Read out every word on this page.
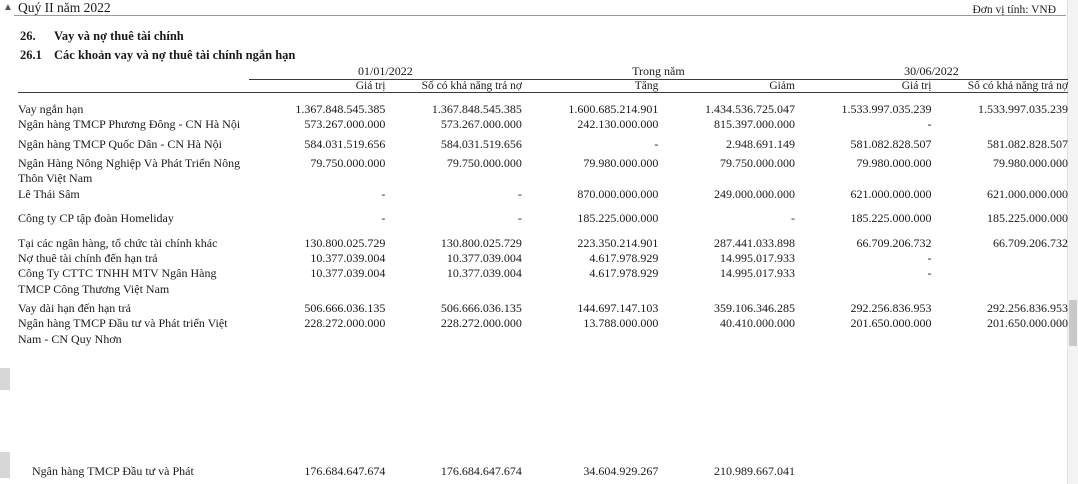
▲ Quý II năm 2022	Đơn vị tính: VNĐ
26. Vay và nợ thuê tài chính
26.1 Các khoản vay và nợ thuê tài chính ngắn hạn
	01/01/2022		Trong năm		30/06/2022	
	Giá trị	Số có khả năng trả nợ	Tăng	Giảm	Giá trị	Số có khả năng trả nợ

Vay ngắn hạn	1.367.848.545.385	1.367.848.545.385	1.600.685.214.901	1.434.536.725.047	1.533.997.035.239	1.533.997.035.239
Ngân hàng TMCP Phương Đông - CN Hà Nội	573.267.000.000	573.267.000.000	242.130.000.000	815.397.000.000	-	
Ngân hàng TMCP Quốc Dân - CN Hà Nội	584.031.519.656	584.031.519.656	-	2.948.691.149	581.082.828.507	581.082.828.507
Ngân Hàng Nông Nghiệp Và Phát Triển Nông Thôn Việt Nam	79.750.000.000	79.750.000.000	79.980.000.000	79.750.000.000	79.980.000.000	79.980.000.000
Lê Thái Sâm	-	-	870.000.000.000	249.000.000.000	621.000.000.000	621.000.000.000

Công ty CP tập đoàn Homeliday	-	-	185.225.000.000	-	185.225.000.000	185.225.000.000

Tại các ngân hàng, tổ chức tài chính khác	130.800.025.729	130.800.025.729	223.350.214.901	287.441.033.898	66.709.206.732	66.709.206.732
Nợ thuê tài chính đến hạn trả	10.377.039.004	10.377.039.004	4.617.978.929	14.995.017.933	-	
Công Ty CTTC TNHH MTV Ngân Hàng TMCP Công Thương Việt Nam	10.377.039.004	10.377.039.004	4.617.978.929	14.995.017.933	-	
Vay dài hạn đến hạn trả	506.666.036.135	506.666.036.135	144.697.147.103	359.106.346.285	292.256.836.953	292.256.836.953
Ngân hàng TMCP Đầu tư và Phát triển Việt Nam - CN Quy Nhơn	228.272.000.000	228.272.000.000	13.788.000.000	40.410.000.000	201.650.000.000	201.650.000.000
Ngân hàng TMCP Đầu tư và Phát	176.684.647.674	176.684.647.674	34.604.929.267	210.989.667.041		
